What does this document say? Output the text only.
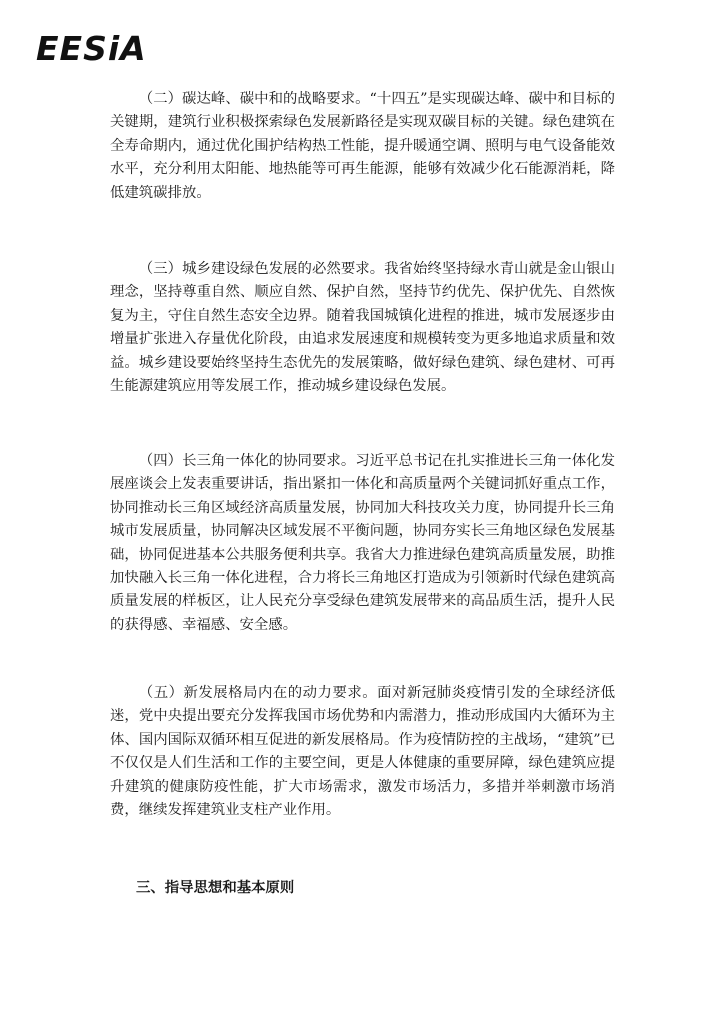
EESiA

（二）碳达峰、碳中和的战略要求。“十四五”是实现碳达峰、碳中和目标的关键期，建筑行业积极探索绿色发展新路径是实现双碳目标的关键。绿色建筑在全寿命期内，通过优化围护结构热工性能，提升暖通空调、照明与电气设备能效水平，充分利用太阳能、地热能等可再生能源，能够有效减少化石能源消耗，降低建筑碳排放。

（三）城乡建设绿色发展的必然要求。我省始终坚持绿水青山就是金山银山理念，坚持尊重自然、顺应自然、保护自然，坚持节约优先、保护优先、自然恢复为主，守住自然生态安全边界。随着我国城镇化进程的推进，城市发展逐步由增量扩张进入存量优化阶段，由追求发展速度和规模转变为更多地追求质量和效益。城乡建设要始终坚持生态优先的发展策略，做好绿色建筑、绿色建材、可再生能源建筑应用等发展工作，推动城乡建设绿色发展。

（四）长三角一体化的协同要求。习近平总书记在扎实推进长三角一体化发展座谈会上发表重要讲话，指出紧扣一体化和高质量两个关键词抓好重点工作，协同推动长三角区域经济高质量发展，协同加大科技攻关力度，协同提升长三角城市发展质量，协同解决区域发展不平衡问题，协同夯实长三角地区绿色发展基础，协同促进基本公共服务便利共享。我省大力推进绿色建筑高质量发展，助推加快融入长三角一体化进程，合力将长三角地区打造成为引领新时代绿色建筑高质量发展的样板区，让人民充分享受绿色建筑发展带来的高品质生活，提升人民的获得感、幸福感、安全感。

（五）新发展格局内在的动力要求。面对新冠肺炎疫情引发的全球经济低迷，党中央提出要充分发挥我国市场优势和内需潜力，推动形成国内大循环为主体、国内国际双循环相互促进的新发展格局。作为疫情防控的主战场，“建筑”已不仅仅是人们生活和工作的主要空间，更是人体健康的重要屏障，绿色建筑应提升建筑的健康防疫性能，扩大市场需求，激发市场活力，多措并举刺激市场消费，继续发挥建筑业支柱产业作用。

三、指导思想和基本原则
